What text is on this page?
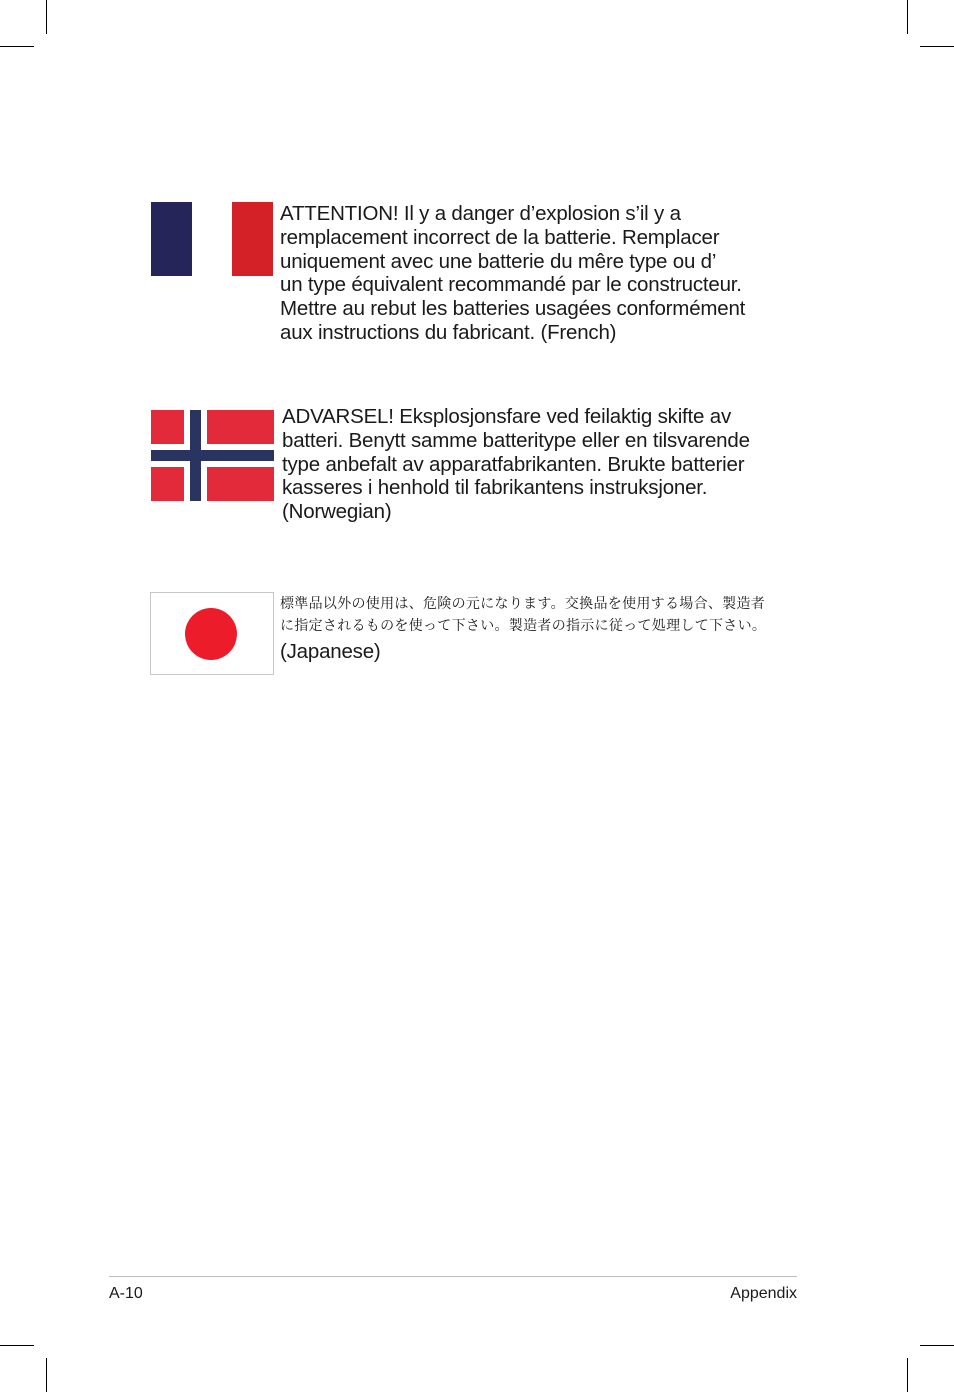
ATTENTION! Il y a danger d’explosion s’il y a
remplacement incorrect de la batterie. Remplacer
uniquement avec une batterie du mêre type ou d’
un type équivalent recommandé par le constructeur.
Mettre au rebut les batteries usagées conformément
aux instructions du fabricant. (French)
ADVARSEL! Eksplosjonsfare ved feilaktig skifte av
batteri. Benytt samme batteritype eller en tilsvarende
type anbefalt av apparatfabrikanten. Brukte batterier
kasseres i henhold til fabrikantens instruksjoner.
(Norwegian)
標準品以外の使用は、危険の元になります。交換品を使用する場合、製造者
に指定されるものを使って下さい。製造者の指示に従って処理して下さい。
(Japanese)
A-10	Appendix
